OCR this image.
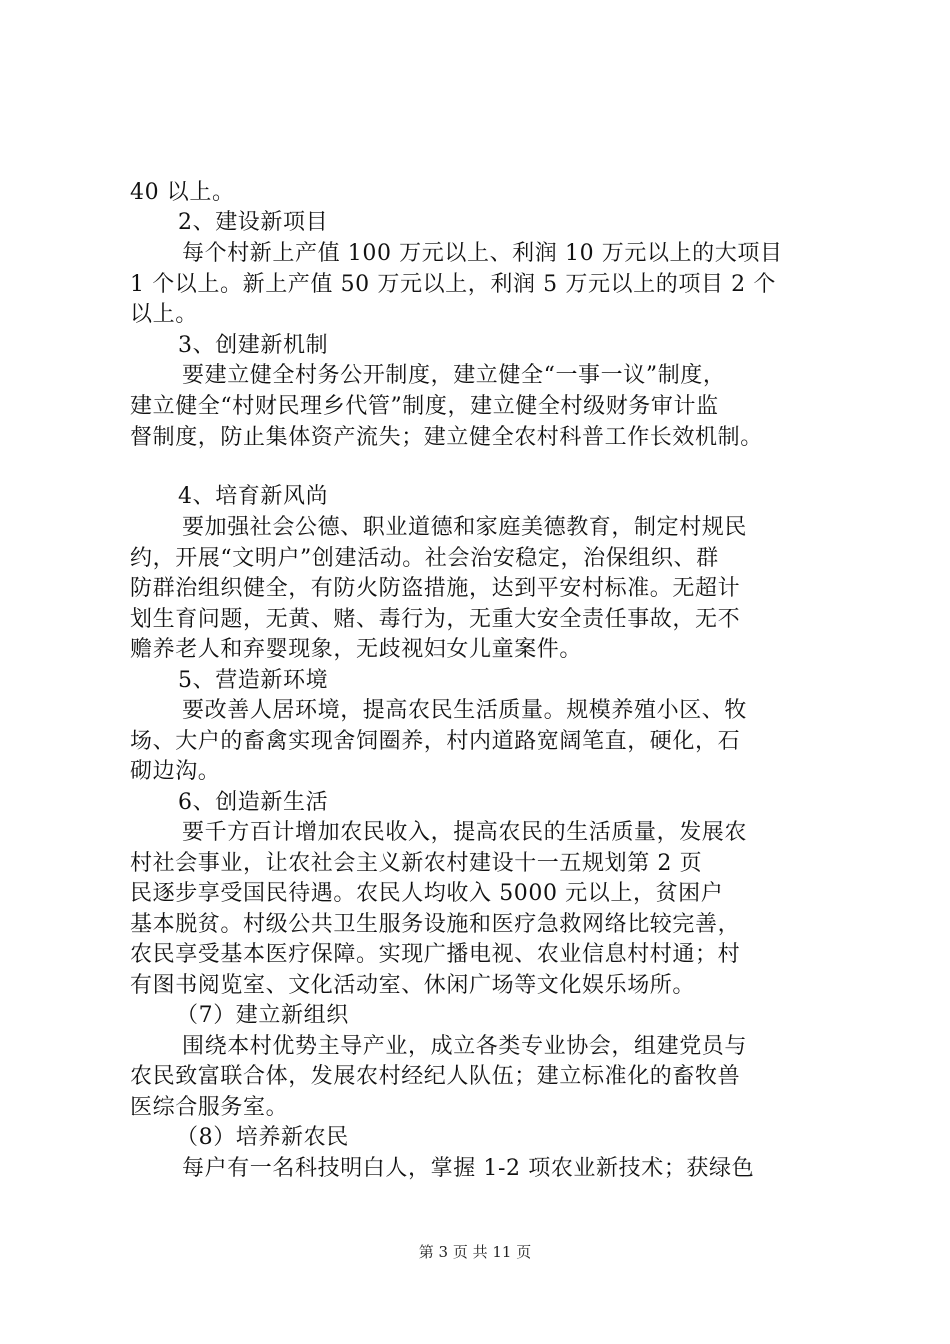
40 以上。
2、建设新项目
每个村新上产值 100 万元以上、利润 10 万元以上的大项目
1 个以上。新上产值 50 万元以上，利润 5 万元以上的项目 2 个
以上。
3、创建新机制
要建立健全村务公开制度，建立健全“一事一议”制度，
建立健全“村财民理乡代管”制度，建立健全村级财务审计监
督制度，防止集体资产流失；建立健全农村科普工作长效机制。
4、培育新风尚
要加强社会公德、职业道德和家庭美德教育，制定村规民
约，开展“文明户”创建活动。社会治安稳定，治保组织、群
防群治组织健全，有防火防盗措施，达到平安村标准。无超计
划生育问题，无黄、赌、毒行为，无重大安全责任事故，无不
赡养老人和弃婴现象，无歧视妇女儿童案件。
5、营造新环境
要改善人居环境，提高农民生活质量。规模养殖小区、牧
场、大户的畜禽实现舍饲圈养，村内道路宽阔笔直，硬化，石
砌边沟。
6、创造新生活
要千方百计增加农民收入，提高农民的生活质量，发展农
村社会事业，让农社会主义新农村建设十一五规划第 2 页
民逐步享受国民待遇。农民人均收入 5000 元以上，贫困户
基本脱贫。村级公共卫生服务设施和医疗急救网络比较完善，
农民享受基本医疗保障。实现广播电视、农业信息村村通；村
有图书阅览室、文化活动室、休闲广场等文化娱乐场所。
（7）建立新组织
围绕本村优势主导产业，成立各类专业协会，组建党员与
农民致富联合体，发展农村经纪人队伍；建立标准化的畜牧兽
医综合服务室。
（8）培养新农民
每户有一名科技明白人，掌握 1-2 项农业新技术；获绿色
第 3 页 共 11 页
